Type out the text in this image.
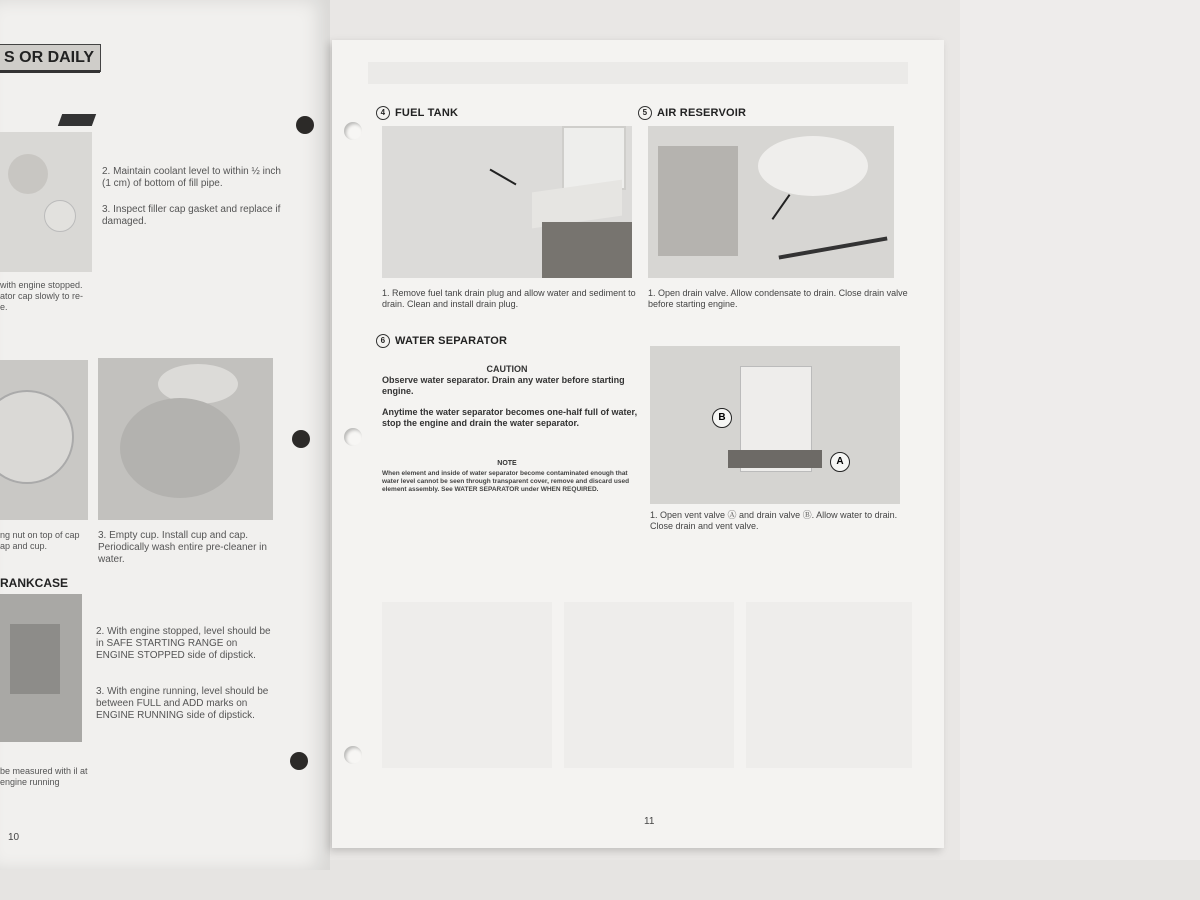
S OR DAILY
2. Maintain coolant level to within ½ inch (1 cm) of bottom of fill pipe.
3. Inspect filler cap gasket and replace if damaged.
with engine stopped. ator cap slowly to re- e.
ng nut on top of cap ap and cup.
3. Empty cup. Install cup and cap. Periodically wash entire pre-cleaner in water.
RANKCASE
2. With engine stopped, level should be in SAFE STARTING RANGE on ENGINE STOPPED side of dipstick.
3. With engine running, level should be between FULL and ADD marks on ENGINE RUNNING side of dipstick.
be measured with il at engine running
10
4 FUEL TANK
1. Remove fuel tank drain plug and allow water and sediment to drain. Clean and install drain plug.
5 AIR RESERVOIR
1. Open drain valve. Allow condensate to drain. Close drain valve before starting engine.
6 WATER SEPARATOR
CAUTION
Observe water separator. Drain any water before starting engine.
Anytime the water separator becomes one-half full of water, stop the engine and drain the water separator.
NOTE
When element and inside of water separator become contaminated enough that water level cannot be seen through transparent cover, remove and discard used element assembly. See WATER SEPARATOR under WHEN REQUIRED.
B
A
1. Open vent valve Ⓐ and drain valve Ⓑ. Allow water to drain. Close drain and vent valve.
11
